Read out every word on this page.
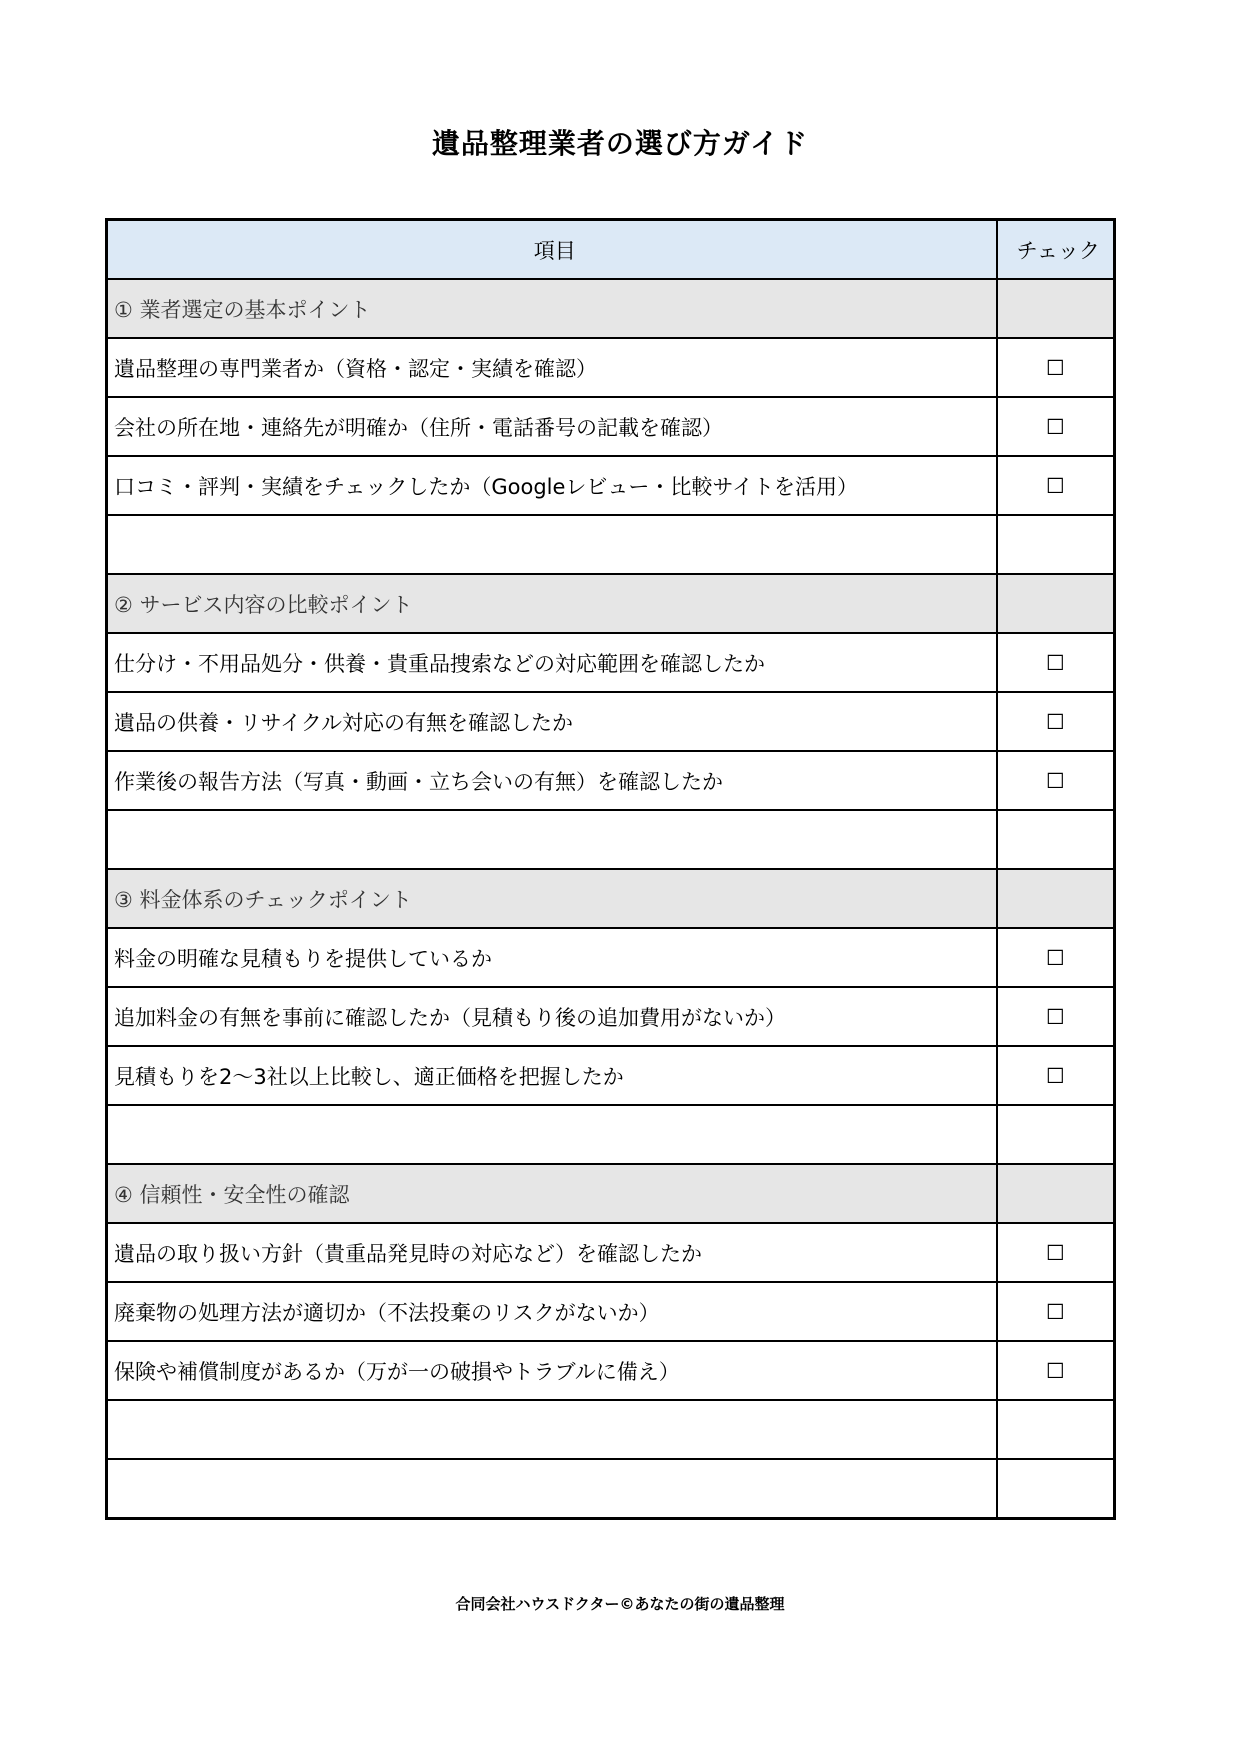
遺品整理業者の選び方ガイド
項目	チェック
① 業者選定の基本ポイント	
遺品整理の専門業者か（資格・認定・実績を確認）	☐
会社の所在地・連絡先が明確か（住所・電話番号の記載を確認）	☐
口コミ・評判・実績をチェックしたか（Googleレビュー・比較サイトを活用）	☐

② サービス内容の比較ポイント	
仕分け・不用品処分・供養・貴重品捜索などの対応範囲を確認したか	☐
遺品の供養・リサイクル対応の有無を確認したか	☐
作業後の報告方法（写真・動画・立ち会いの有無）を確認したか	☐

③ 料金体系のチェックポイント	
料金の明確な見積もりを提供しているか	☐
追加料金の有無を事前に確認したか（見積もり後の追加費用がないか）	☐
見積もりを2〜3社以上比較し、適正価格を把握したか	☐

④ 信頼性・安全性の確認	
遺品の取り扱い方針（貴重品発見時の対応など）を確認したか	☐
廃棄物の処理方法が適切か（不法投棄のリスクがないか）	☐
保険や補償制度があるか（万が一の破損やトラブルに備え）	☐

合同会社ハウスドクター©あなたの街の遺品整理
